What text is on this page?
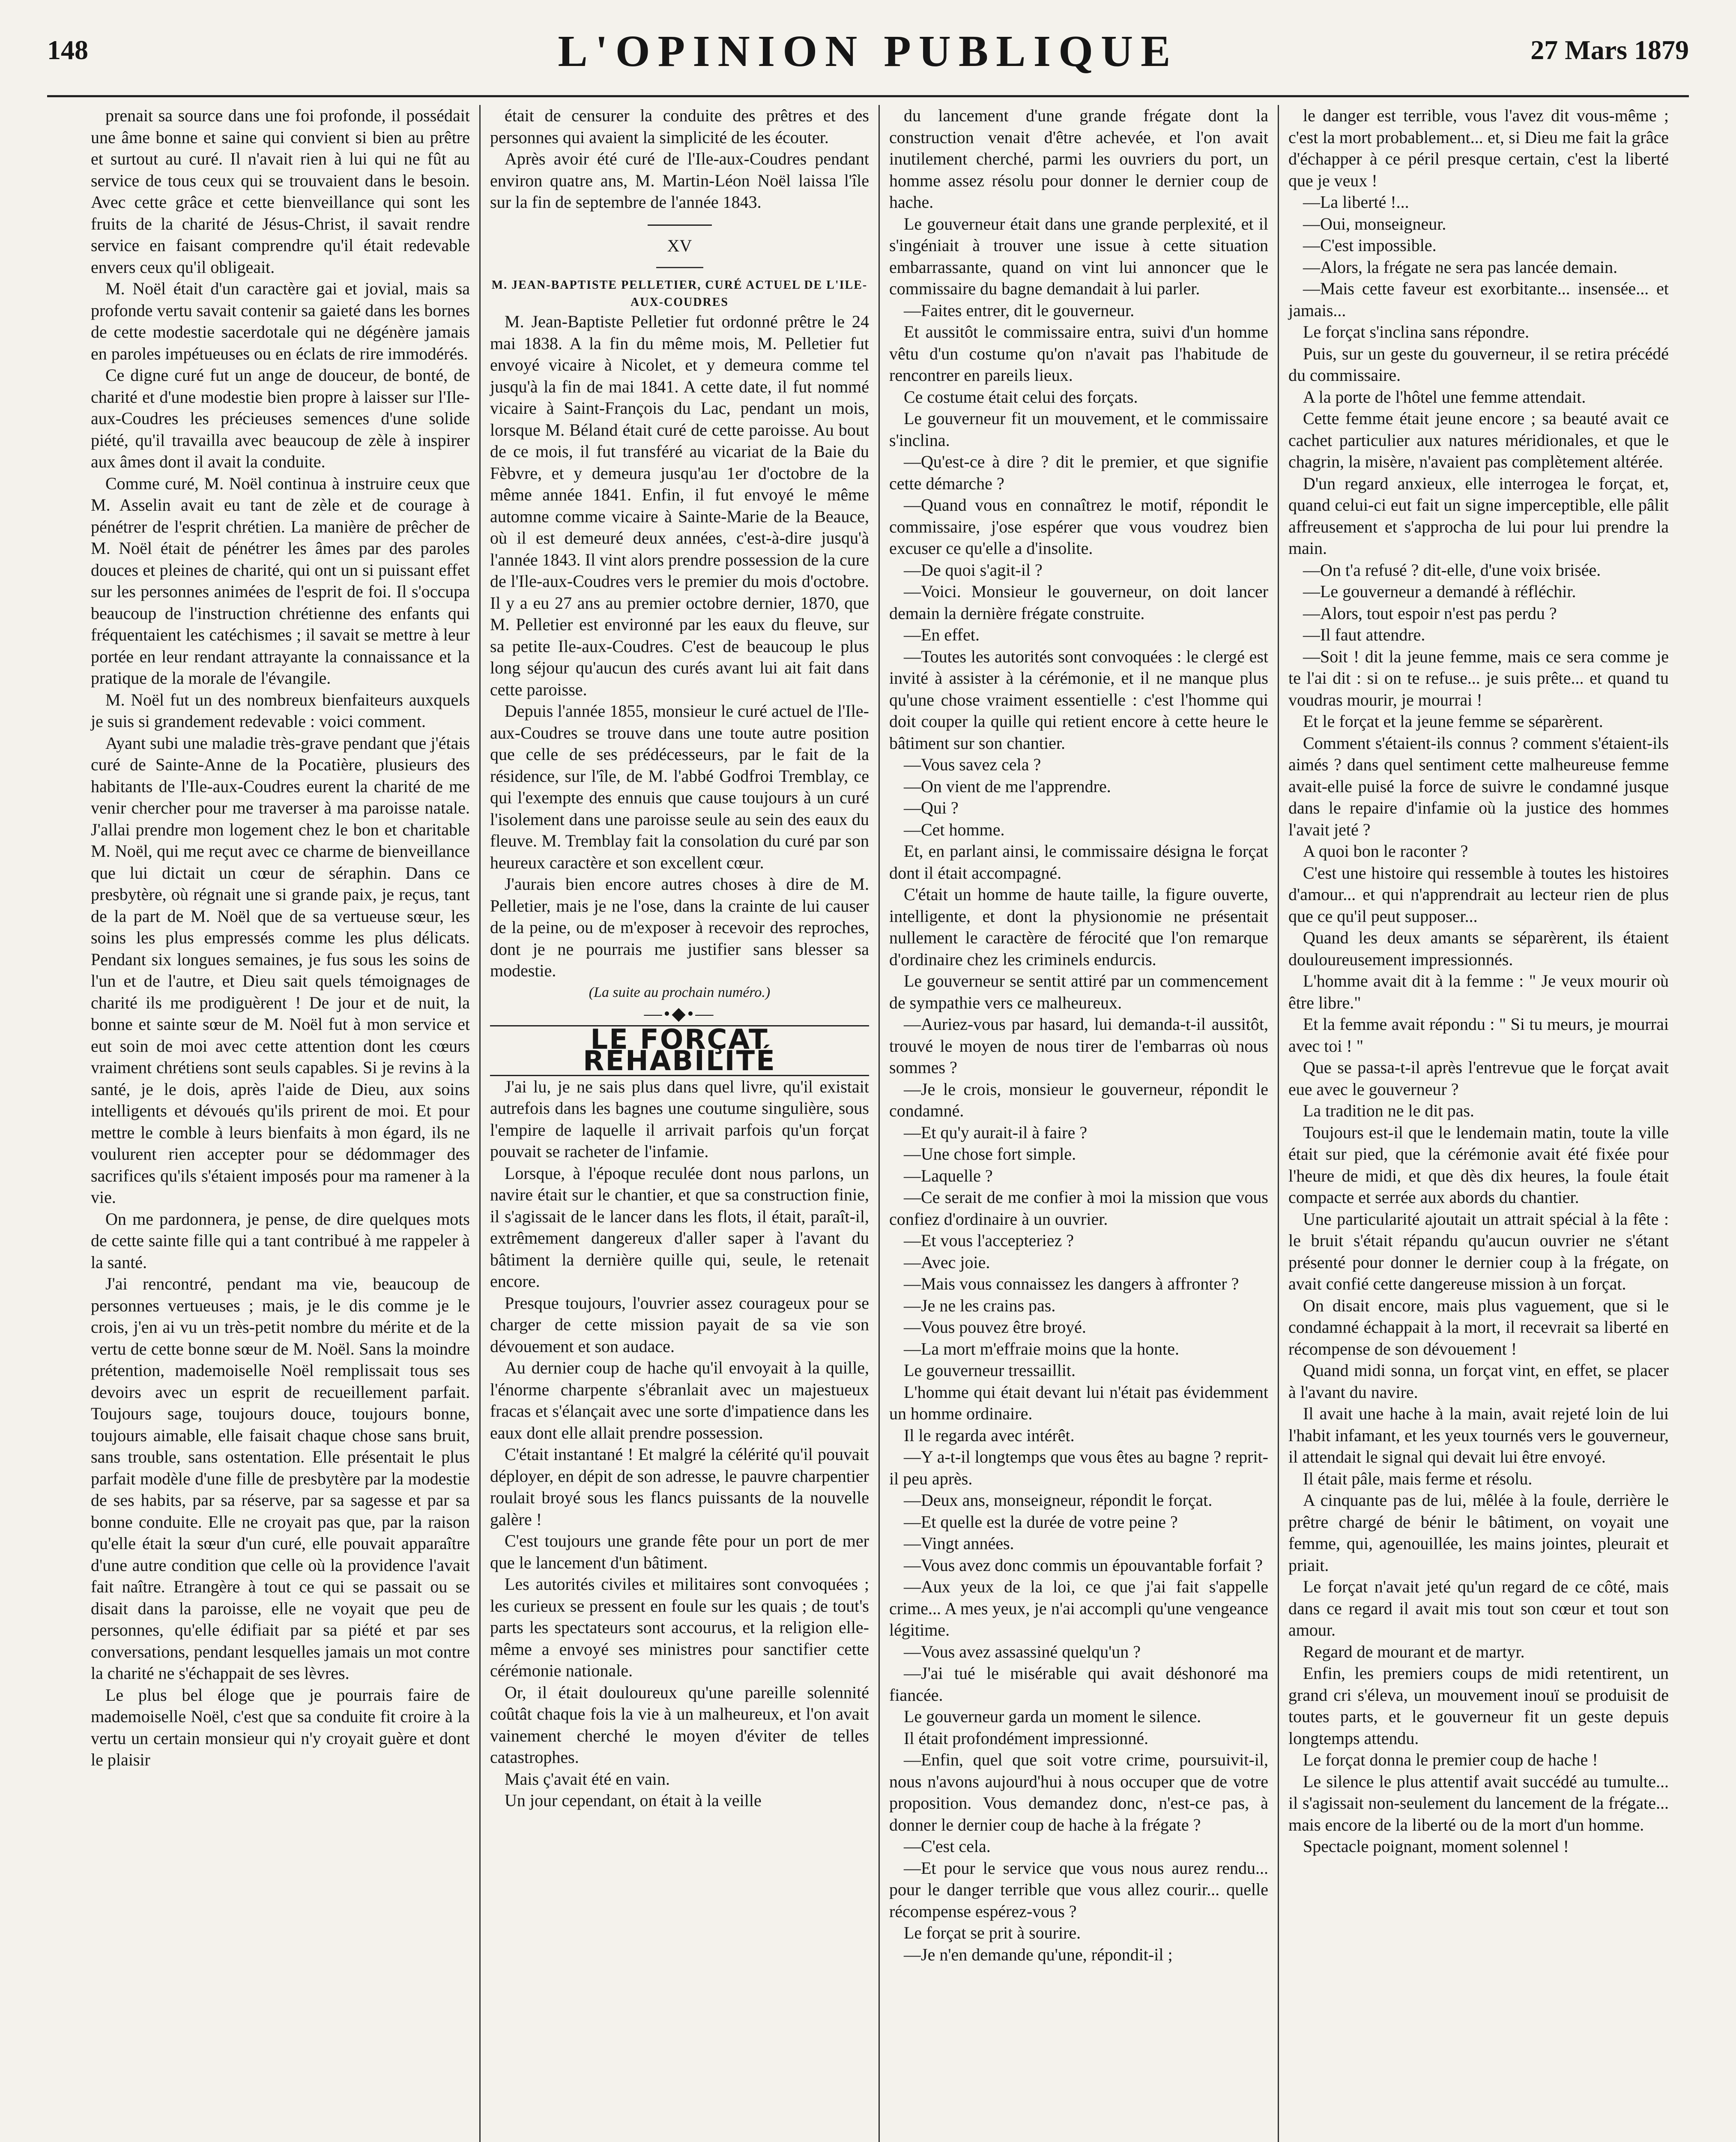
148	L'OPINION PUBLIQUE	27 Mars 1879

prenait sa source dans une foi profonde, il possédait une âme bonne et saine qui convient si bien au prêtre et surtout au curé. Il n'avait rien à lui qui ne fût au service de tous ceux qui se trouvaient dans le besoin. Avec cette grâce et cette bienveillance qui sont les fruits de la charité de Jésus-Christ, il savait rendre service en faisant comprendre qu'il était redevable envers ceux qu'il obligeait.

M. Noël était d'un caractère gai et jovial, mais sa profonde vertu savait contenir sa gaieté dans les bornes de cette modestie sacerdotale qui ne dégénère jamais en paroles impétueuses ou en éclats de rire immodérés.

Ce digne curé fut un ange de douceur, de bonté, de charité et d'une modestie bien propre à laisser sur l'Ile-aux-Coudres les précieuses semences d'une solide piété, qu'il travailla avec beaucoup de zèle à inspirer aux âmes dont il avait la conduite.

Comme curé, M. Noël continua à instruire ceux que M. Asselin avait eu tant de zèle et de courage à pénétrer de l'esprit chrétien. La manière de prêcher de M. Noël était de pénétrer les âmes par des paroles douces et pleines de charité, qui ont un si puissant effet sur les personnes animées de l'esprit de foi. Il s'occupa beaucoup de l'instruction chrétienne des enfants qui fréquentaient les catéchismes ; il savait se mettre à leur portée en leur rendant attrayante la connaissance et la pratique de la morale de l'évangile.

M. Noël fut un des nombreux bienfaiteurs auxquels je suis si grandement redevable : voici comment.

Ayant subi une maladie très-grave pendant que j'étais curé de Sainte-Anne de la Pocatière, plusieurs des habitants de l'Ile-aux-Coudres eurent la charité de me venir chercher pour me traverser à ma paroisse natale. J'allai prendre mon logement chez le bon et charitable M. Noël, qui me reçut avec ce charme de bienveillance que lui dictait un cœur de séraphin. Dans ce presbytère, où régnait une si grande paix, je reçus, tant de la part de M. Noël que de sa vertueuse sœur, les soins les plus empressés comme les plus délicats. Pendant six longues semaines, je fus sous les soins de l'un et de l'autre, et Dieu sait quels témoignages de charité ils me prodiguèrent ! De jour et de nuit, la bonne et sainte sœur de M. Noël fut à mon service et eut soin de moi avec cette attention dont les cœurs vraiment chrétiens sont seuls capables. Si je revins à la santé, je le dois, après l'aide de Dieu, aux soins intelligents et dévoués qu'ils prirent de moi. Et pour mettre le comble à leurs bienfaits à mon égard, ils ne voulurent rien accepter pour se dédommager des sacrifices qu'ils s'étaient imposés pour ma ramener à la vie.

On me pardonnera, je pense, de dire quelques mots de cette sainte fille qui a tant contribué à me rappeler à la santé.

J'ai rencontré, pendant ma vie, beaucoup de personnes vertueuses ; mais, je le dis comme je le crois, j'en ai vu un très-petit nombre du mérite et de la vertu de cette bonne sœur de M. Noël. Sans la moindre prétention, mademoiselle Noël remplissait tous ses devoirs avec un esprit de recueillement parfait. Toujours sage, toujours douce, toujours bonne, toujours aimable, elle faisait chaque chose sans bruit, sans trouble, sans ostentation. Elle présentait le plus parfait modèle d'une fille de presbytère par la modestie de ses habits, par sa réserve, par sa sagesse et par sa bonne conduite. Elle ne croyait pas que, par la raison qu'elle était la sœur d'un curé, elle pouvait apparaître d'une autre condition que celle où la providence l'avait fait naître. Etrangère à tout ce qui se passait ou se disait dans la paroisse, elle ne voyait que peu de personnes, qu'elle édifiait par sa piété et par ses conversations, pendant lesquelles jamais un mot contre la charité ne s'échappait de ses lèvres.

Le plus bel éloge que je pourrais faire de mademoiselle Noël, c'est que sa conduite fit croire à la vertu un certain monsieur qui n'y croyait guère et dont le plaisir

était de censurer la conduite des prêtres et des personnes qui avaient la simplicité de les écouter.

Après avoir été curé de l'Ile-aux-Coudres pendant environ quatre ans, M. Martin-Léon Noël laissa l'île sur la fin de septembre de l'année 1843.

XV

M. JEAN-BAPTISTE PELLETIER, CURÉ ACTUEL DE L'ILE-AUX-COUDRES

M. Jean-Baptiste Pelletier fut ordonné prêtre le 24 mai 1838. A la fin du même mois, M. Pelletier fut envoyé vicaire à Nicolet, et y demeura comme tel jusqu'à la fin de mai 1841. A cette date, il fut nommé vicaire à Saint-François du Lac, pendant un mois, lorsque M. Béland était curé de cette paroisse. Au bout de ce mois, il fut transféré au vicariat de la Baie du Fèbvre, et y demeura jusqu'au 1er d'octobre de la même année 1841. Enfin, il fut envoyé le même automne comme vicaire à Sainte-Marie de la Beauce, où il est demeuré deux années, c'est-à-dire jusqu'à l'année 1843. Il vint alors prendre possession de la cure de l'Ile-aux-Coudres vers le premier du mois d'octobre. Il y a eu 27 ans au premier octobre dernier, 1870, que M. Pelletier est environné par les eaux du fleuve, sur sa petite Ile-aux-Coudres. C'est de beaucoup le plus long séjour qu'aucun des curés avant lui ait fait dans cette paroisse.

Depuis l'année 1855, monsieur le curé actuel de l'Ile-aux-Coudres se trouve dans une toute autre position que celle de ses prédécesseurs, par le fait de la résidence, sur l'île, de M. l'abbé Godfroi Tremblay, ce qui l'exempte des ennuis que cause toujours à un curé l'isolement dans une paroisse seule au sein des eaux du fleuve. M. Tremblay fait la consolation du curé par son heureux caractère et son excellent cœur.

J'aurais bien encore autres choses à dire de M. Pelletier, mais je ne l'ose, dans la crainte de lui causer de la peine, ou de m'exposer à recevoir des reproches, dont je ne pourrais me justifier sans blesser sa modestie.

(La suite au prochain numéro.)

—•◆•—

LE FORÇAT RÉHABILITÉ

J'ai lu, je ne sais plus dans quel livre, qu'il existait autrefois dans les bagnes une coutume singulière, sous l'empire de laquelle il arrivait parfois qu'un forçat pouvait se racheter de l'infamie.

Lorsque, à l'époque reculée dont nous parlons, un navire était sur le chantier, et que sa construction finie, il s'agissait de le lancer dans les flots, il était, paraît-il, extrêmement dangereux d'aller saper à l'avant du bâtiment la dernière quille qui, seule, le retenait encore.

Presque toujours, l'ouvrier assez courageux pour se charger de cette mission payait de sa vie son dévouement et son audace.

Au dernier coup de hache qu'il envoyait à la quille, l'énorme charpente s'ébranlait avec un majestueux fracas et s'élançait avec une sorte d'impatience dans les eaux dont elle allait prendre possession.

C'était instantané ! Et malgré la célérité qu'il pouvait déployer, en dépit de son adresse, le pauvre charpentier roulait broyé sous les flancs puissants de la nouvelle galère !

C'est toujours une grande fête pour un port de mer que le lancement d'un bâtiment.

Les autorités civiles et militaires sont convoquées ; les curieux se pressent en foule sur les quais ; de tout's parts les spectateurs sont accourus, et la religion elle-même a envoyé ses ministres pour sanctifier cette cérémonie nationale.

Or, il était douloureux qu'une pareille solennité coûtât chaque fois la vie à un malheureux, et l'on avait vainement cherché le moyen d'éviter de telles catastrophes.

Mais ç'avait été en vain.

Un jour cependant, on était à la veille

du lancement d'une grande frégate dont la construction venait d'être achevée, et l'on avait inutilement cherché, parmi les ouvriers du port, un homme assez résolu pour donner le dernier coup de hache.

Le gouverneur était dans une grande perplexité, et il s'ingéniait à trouver une issue à cette situation embarrassante, quand on vint lui annoncer que le commissaire du bagne demandait à lui parler.

—Faites entrer, dit le gouverneur.

Et aussitôt le commissaire entra, suivi d'un homme vêtu d'un costume qu'on n'avait pas l'habitude de rencontrer en pareils lieux.

Ce costume était celui des forçats.

Le gouverneur fit un mouvement, et le commissaire s'inclina.

—Qu'est-ce à dire ? dit le premier, et que signifie cette démarche ?

—Quand vous en connaîtrez le motif, répondit le commissaire, j'ose espérer que vous voudrez bien excuser ce qu'elle a d'insolite.

—De quoi s'agit-il ?

—Voici. Monsieur le gouverneur, on doit lancer demain la dernière frégate construite.

—En effet.

—Toutes les autorités sont convoquées : le clergé est invité à assister à la cérémonie, et il ne manque plus qu'une chose vraiment essentielle : c'est l'homme qui doit couper la quille qui retient encore à cette heure le bâtiment sur son chantier.

—Vous savez cela ?

—On vient de me l'apprendre.

—Qui ?

—Cet homme.

Et, en parlant ainsi, le commissaire désigna le forçat dont il était accompagné.

C'était un homme de haute taille, la figure ouverte, intelligente, et dont la physionomie ne présentait nullement le caractère de férocité que l'on remarque d'ordinaire chez les criminels endurcis.

Le gouverneur se sentit attiré par un commencement de sympathie vers ce malheureux.

—Auriez-vous par hasard, lui demanda-t-il aussitôt, trouvé le moyen de nous tirer de l'embarras où nous sommes ?

—Je le crois, monsieur le gouverneur, répondit le condamné.

—Et qu'y aurait-il à faire ?

—Une chose fort simple.

—Laquelle ?

—Ce serait de me confier à moi la mission que vous confiez d'ordinaire à un ouvrier.

—Et vous l'accepteriez ?

—Avec joie.

—Mais vous connaissez les dangers à affronter ?

—Je ne les crains pas.

—Vous pouvez être broyé.

—La mort m'effraie moins que la honte.

Le gouverneur tressaillit.

L'homme qui était devant lui n'était pas évidemment un homme ordinaire.

Il le regarda avec intérêt.

—Y a-t-il longtemps que vous êtes au bagne ? reprit-il peu après.

—Deux ans, monseigneur, répondit le forçat.

—Et quelle est la durée de votre peine ?

—Vingt années.

—Vous avez donc commis un épouvantable forfait ?

—Aux yeux de la loi, ce que j'ai fait s'appelle crime... A mes yeux, je n'ai accompli qu'une vengeance légitime.

—Vous avez assassiné quelqu'un ?

—J'ai tué le misérable qui avait déshonoré ma fiancée.

Le gouverneur garda un moment le silence.

Il était profondément impressionné.

—Enfin, quel que soit votre crime, poursuivit-il, nous n'avons aujourd'hui à nous occuper que de votre proposition. Vous demandez donc, n'est-ce pas, à donner le dernier coup de hache à la frégate ?

—C'est cela.

—Et pour le service que vous nous aurez rendu... pour le danger terrible que vous allez courir... quelle récompense espérez-vous ?

Le forçat se prit à sourire.

—Je n'en demande qu'une, répondit-il ;

le danger est terrible, vous l'avez dit vous-même ; c'est la mort probablement... et, si Dieu me fait la grâce d'échapper à ce péril presque certain, c'est la liberté que je veux !

—La liberté !...

—Oui, monseigneur.

—C'est impossible.

—Alors, la frégate ne sera pas lancée demain.

—Mais cette faveur est exorbitante... insensée... et jamais...

Le forçat s'inclina sans répondre.

Puis, sur un geste du gouverneur, il se retira précédé du commissaire.

A la porte de l'hôtel une femme attendait.

Cette femme était jeune encore ; sa beauté avait ce cachet particulier aux natures méridionales, et que le chagrin, la misère, n'avaient pas complètement altérée.

D'un regard anxieux, elle interrogea le forçat, et, quand celui-ci eut fait un signe imperceptible, elle pâlit affreusement et s'approcha de lui pour lui prendre la main.

—On t'a refusé ? dit-elle, d'une voix brisée.

—Le gouverneur a demandé à réfléchir.

—Alors, tout espoir n'est pas perdu ?

—Il faut attendre.

—Soit ! dit la jeune femme, mais ce sera comme je te l'ai dit : si on te refuse... je suis prête... et quand tu voudras mourir, je mourrai !

Et le forçat et la jeune femme se séparèrent.

Comment s'étaient-ils connus ? comment s'étaient-ils aimés ? dans quel sentiment cette malheureuse femme avait-elle puisé la force de suivre le condamné jusque dans le repaire d'infamie où la justice des hommes l'avait jeté ?

A quoi bon le raconter ?

C'est une histoire qui ressemble à toutes les histoires d'amour... et qui n'apprendrait au lecteur rien de plus que ce qu'il peut supposer...

Quand les deux amants se séparèrent, ils étaient douloureusement impressionnés.

L'homme avait dit à la femme : " Je veux mourir où être libre."

Et la femme avait répondu : " Si tu meurs, je mourrai avec toi ! "

Que se passa-t-il après l'entrevue que le forçat avait eue avec le gouverneur ?

La tradition ne le dit pas.

Toujours est-il que le lendemain matin, toute la ville était sur pied, que la cérémonie avait été fixée pour l'heure de midi, et que dès dix heures, la foule était compacte et serrée aux abords du chantier.

Une particularité ajoutait un attrait spécial à la fête : le bruit s'était répandu qu'aucun ouvrier ne s'étant présenté pour donner le dernier coup à la frégate, on avait confié cette dangereuse mission à un forçat.

On disait encore, mais plus vaguement, que si le condamné échappait à la mort, il recevrait sa liberté en récompense de son dévouement !

Quand midi sonna, un forçat vint, en effet, se placer à l'avant du navire.

Il avait une hache à la main, avait rejeté loin de lui l'habit infamant, et les yeux tournés vers le gouverneur, il attendait le signal qui devait lui être envoyé.

Il était pâle, mais ferme et résolu.

A cinquante pas de lui, mêlée à la foule, derrière le prêtre chargé de bénir le bâtiment, on voyait une femme, qui, agenouillée, les mains jointes, pleurait et priait.

Le forçat n'avait jeté qu'un regard de ce côté, mais dans ce regard il avait mis tout son cœur et tout son amour.

Regard de mourant et de martyr.

Enfin, les premiers coups de midi retentirent, un grand cri s'éleva, un mouvement inouï se produisit de toutes parts, et le gouverneur fit un geste depuis longtemps attendu.

Le forçat donna le premier coup de hache !

Le silence le plus attentif avait succédé au tumulte... il s'agissait non-seulement du lancement de la frégate... mais encore de la liberté ou de la mort d'un homme.

Spectacle poignant, moment solennel !
